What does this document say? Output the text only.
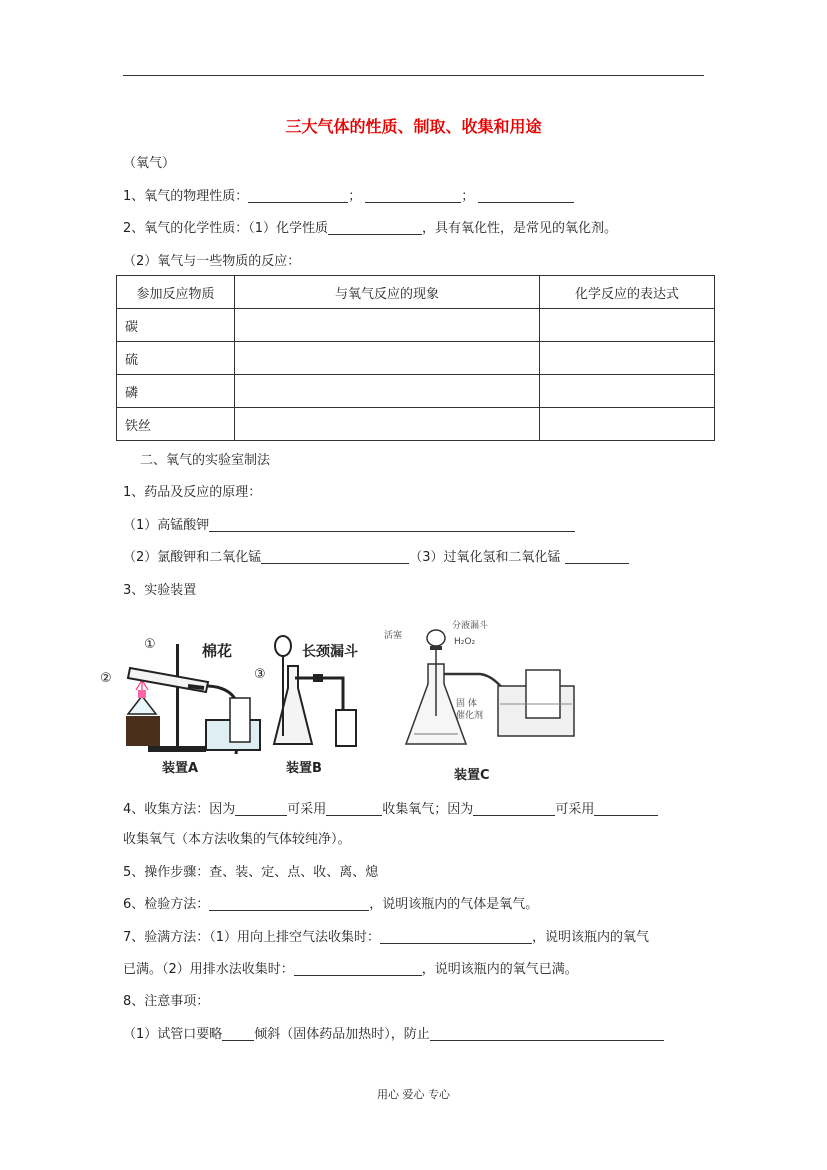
三大气体的性质、制取、收集和用途
（氧气）
1、氧气的物理性质：	；	；
2、氧气的化学性质：（1）化学性质	，具有氧化性，是常见的氧化剂。
（2）氧气与一些物质的反应：
参加反应物质	与氧气反应的现象	化学反应的表达式
碳		
硫		
磷		
铁丝		
二、氧气的实验室制法
1、药品及反应的原理：
（1）高锰酸钾
（2）氯酸钾和二氧化锰	（3）过氧化氢和二氧化锰
3、实验装置
①
②	③
棉花	长颈漏斗
装置A	装置B
活塞
分液漏斗
H₂O₂
固 体
催化剂
装置C
4、收集方法：因为	可采用	收集氧气；因为	可采用
收集氧气（本方法收集的气体较纯净）。
5、操作步骤：查、装、定、点、收、离、熄
6、检验方法：	，说明该瓶内的气体是氧气。
7、验满方法：（1）用向上排空气法收集时：	，说明该瓶内的氧气
已满。（2）用排水法收集时：	，说明该瓶内的氧气已满。
8、注意事项：
（1）试管口要略 倾斜（固体药品加热时），防止
用心 爱心 专心
